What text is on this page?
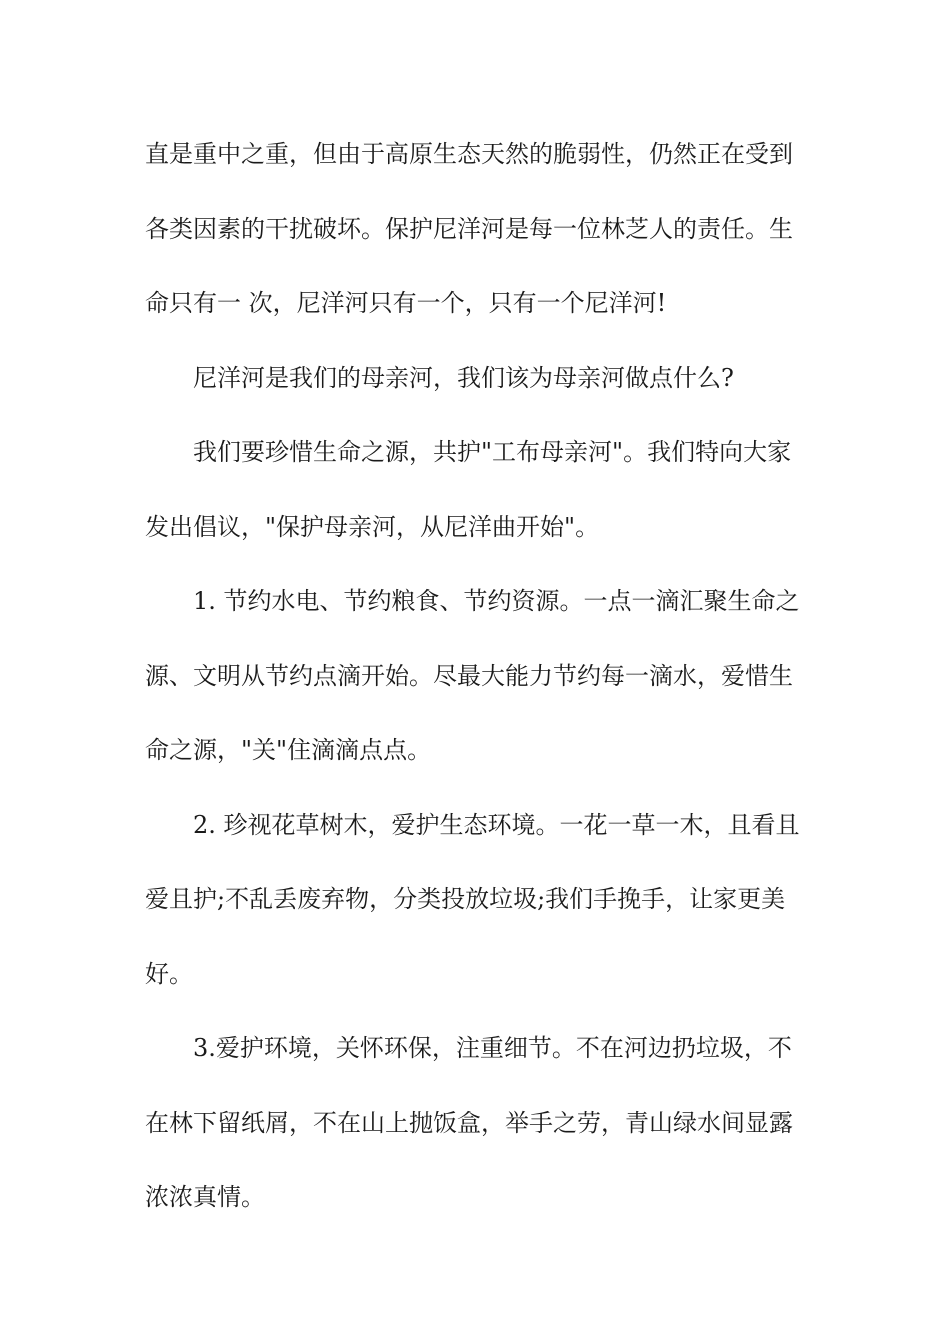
直是重中之重，但由于高原生态天然的脆弱性，仍然正在受到
各类因素的干扰破坏。保护尼洋河是每一位林芝人的责任。生
命只有一 次，尼洋河只有一个，只有一个尼洋河!
尼洋河是我们的母亲河，我们该为母亲河做点什么?
我们要珍惜生命之源，共护"工布母亲河"。我们特向大家
发出倡议，"保护母亲河，从尼洋曲开始"。
1. 节约水电、节约粮食、节约资源。一点一滴汇聚生命之
源、文明从节约点滴开始。尽最大能力节约每一滴水，爱惜生
命之源，"关"住滴滴点点。
2. 珍视花草树木，爱护生态环境。一花一草一木，且看且
爱且护;不乱丢废弃物，分类投放垃圾;我们手挽手，让家更美
好。
3.爱护环境，关怀环保，注重细节。不在河边扔垃圾，不
在林下留纸屑，不在山上抛饭盒，举手之劳，青山绿水间显露
浓浓真情。
